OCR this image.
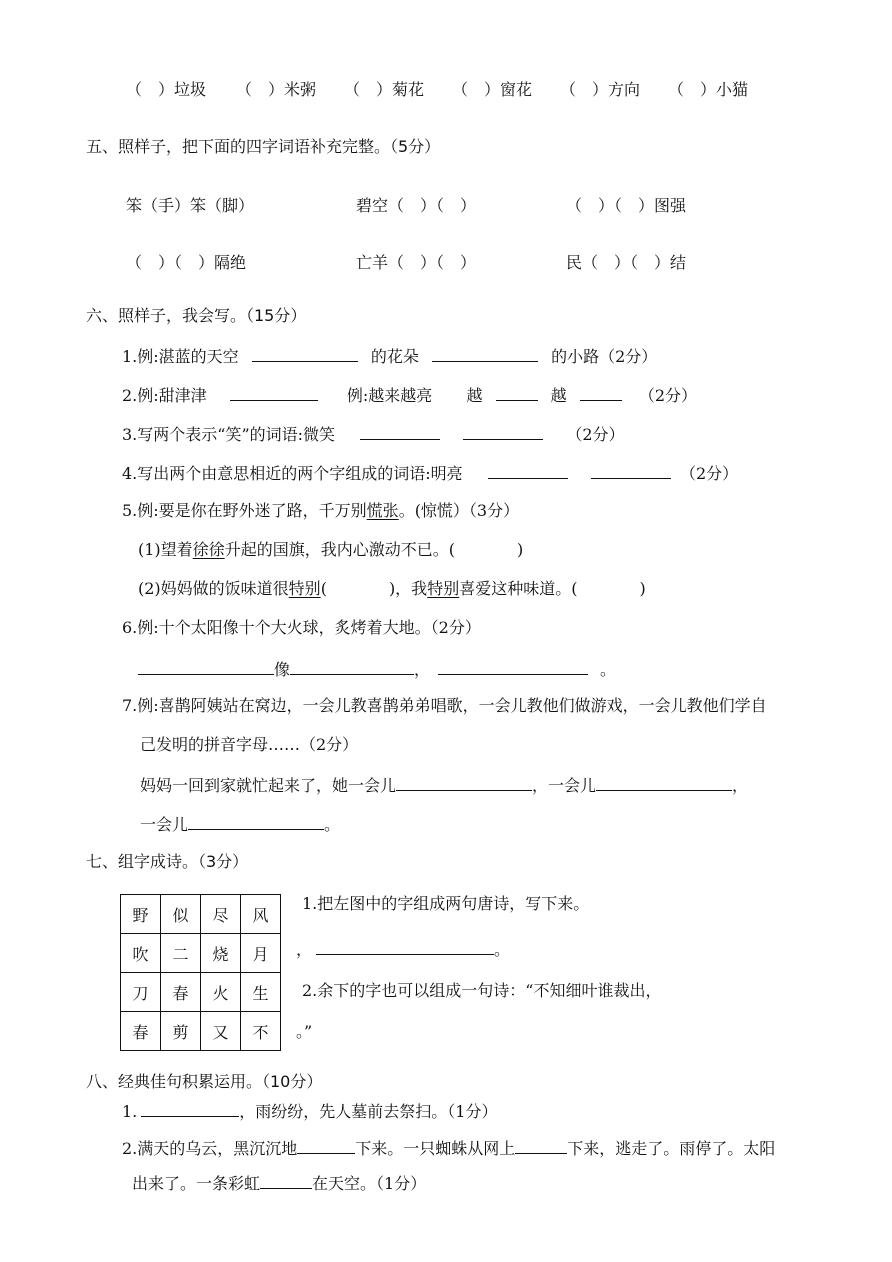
（　）垃圾 （　）米粥 （　）菊花 （　）窗花 （　）方向 （　）小猫
五、照样子，把下面的四字词语补充完整。（5分）
笨（手）笨（脚）	碧空（　）（　）	（　）（　）图强
（　）（　）隔绝	亡羊（　）（　）	民（　）（　）结
六、照样子，我会写。（15分）
1.例:湛蓝的天空	的花朵	的小路（2分）
2.例:甜津津	例:越来越亮 越	越	（2分）
3.写两个表示“笑”的词语:微笑	（2分）
4.写出两个由意思相近的两个字组成的词语:明亮	（2分）
5.例:要是你在野外迷了路，千万别慌张。(惊慌）（3分）
(1)望着徐徐升起的国旗，我内心激动不已。(	)
(2)妈妈做的饭味道很特别(	)，我特别喜爱这种味道。(	)
6.例:十个太阳像十个大火球，炙烤着大地。（2分）
像	，	。
7.例:喜鹊阿姨站在窝边，一会儿教喜鹊弟弟唱歌，一会儿教他们做游戏，一会儿教他们学自
己发明的拼音字母……（2分）
妈妈一回到家就忙起来了，她一会儿	，一会儿	，
一会儿	。
七、组字成诗。（3分）
野	似	尽	风
吹	二	烧	月
刀	春	火	生
春	剪	又	不
1.把左图中的字组成两句唐诗，写下来。
，	。
2.余下的字也可以组成一句诗：“不知细叶谁裁出，
。”
八、经典佳句积累运用。（10分）
1.	，雨纷纷，先人墓前去祭扫。（1分）
2.满天的乌云，黑沉沉地	下来。一只蜘蛛从网上	下来，逃走了。雨停了。太阳
出来了。一条彩虹	在天空。（1分）
